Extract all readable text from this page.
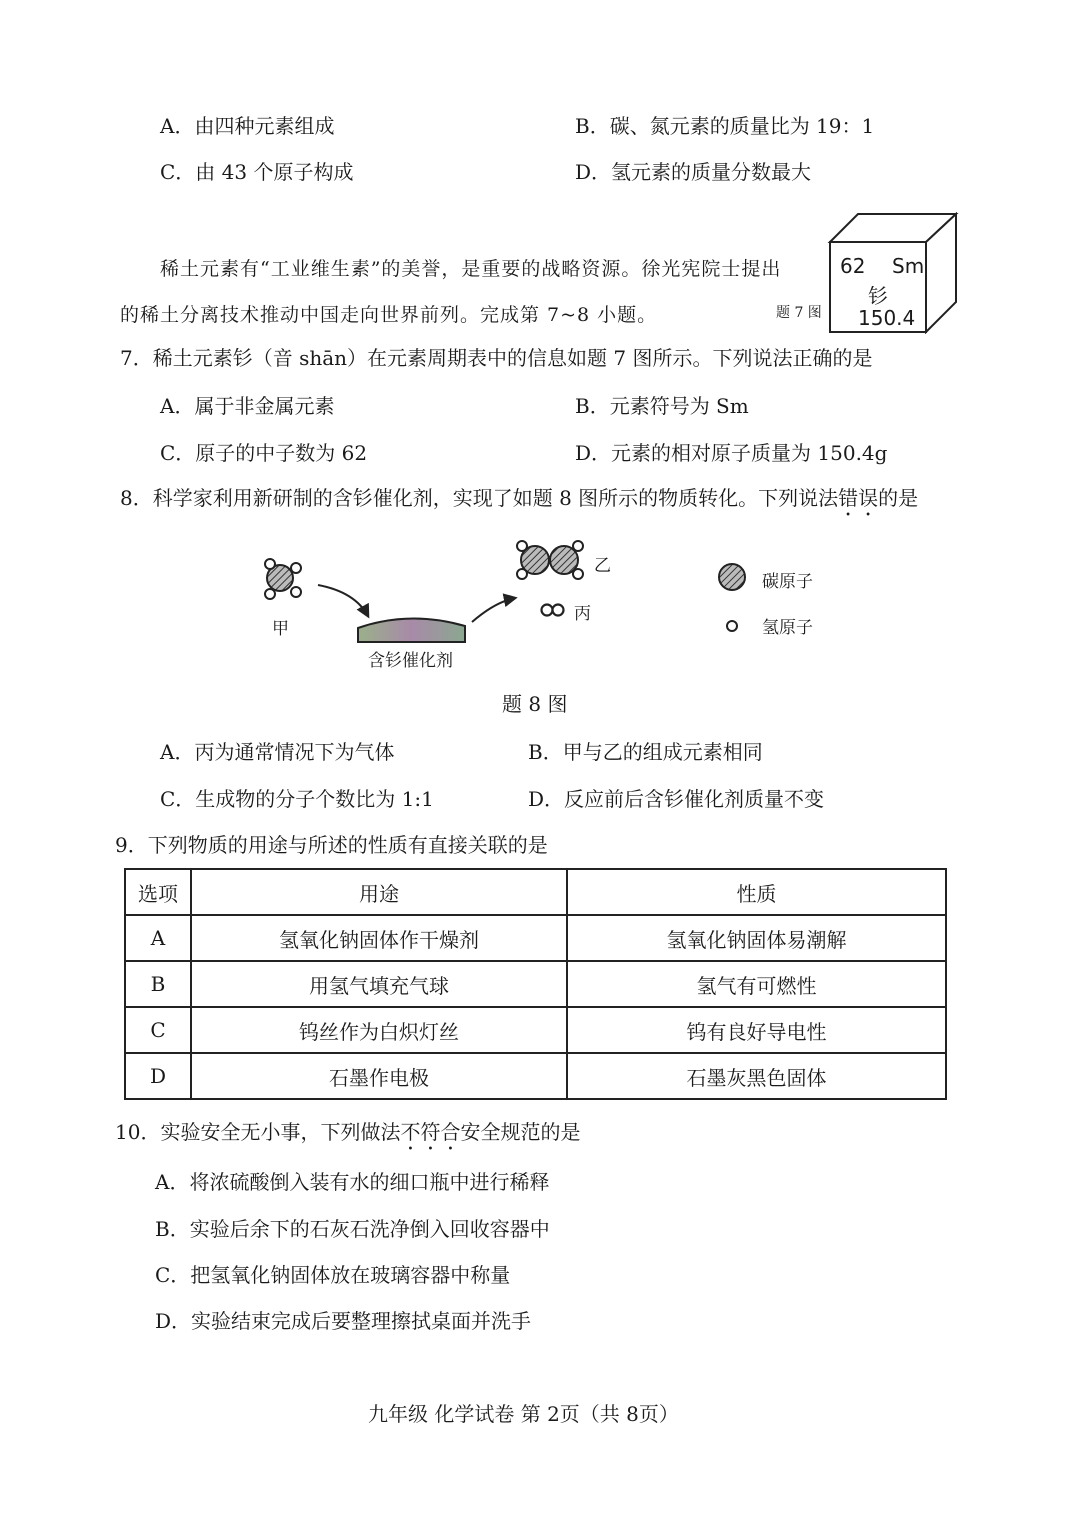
A．由四种元素组成	B．碳、氮元素的质量比为 19：1
C．由 43 个原子构成	D．氢元素的质量分数最大
稀土元素有“工业维生素”的美誉，是重要的战略资源。徐光宪院士提出
的稀土分离技术推动中国走向世界前列。完成第 7~8 小题。	题 7 图
62 Sm
钐
150.4
7．稀土元素钐（音 shān）在元素周期表中的信息如题 7 图所示。下列说法正确的是
A．属于非金属元素	B．元素符号为 Sm
C．原子的中子数为 62	D．元素的相对原子质量为 150.4g
8．科学家利用新研制的含钐催化剂，实现了如题 8 图所示的物质转化。下列说法错误的是
甲
乙
丙
含钐催化剂
碳原子
氢原子
题 8 图
A．丙为通常情况下为气体	B．甲与乙的组成元素相同
C．生成物的分子个数比为 1:1	D．反应前后含钐催化剂质量不变
9．下列物质的用途与所述的性质有直接关联的是
选项	用途	性质
A	氢氧化钠固体作干燥剂	氢氧化钠固体易潮解
B	用氢气填充气球	氢气有可燃性
C	钨丝作为白炽灯丝	钨有良好导电性
D	石墨作电极	石墨灰黑色固体
10．实验安全无小事，下列做法不符合安全规范的是
A．将浓硫酸倒入装有水的细口瓶中进行稀释
B．实验后余下的石灰石洗净倒入回收容器中
C．把氢氧化钠固体放在玻璃容器中称量
D．实验结束完成后要整理擦拭桌面并洗手
九年级 化学试卷 第 2页（共 8页）
